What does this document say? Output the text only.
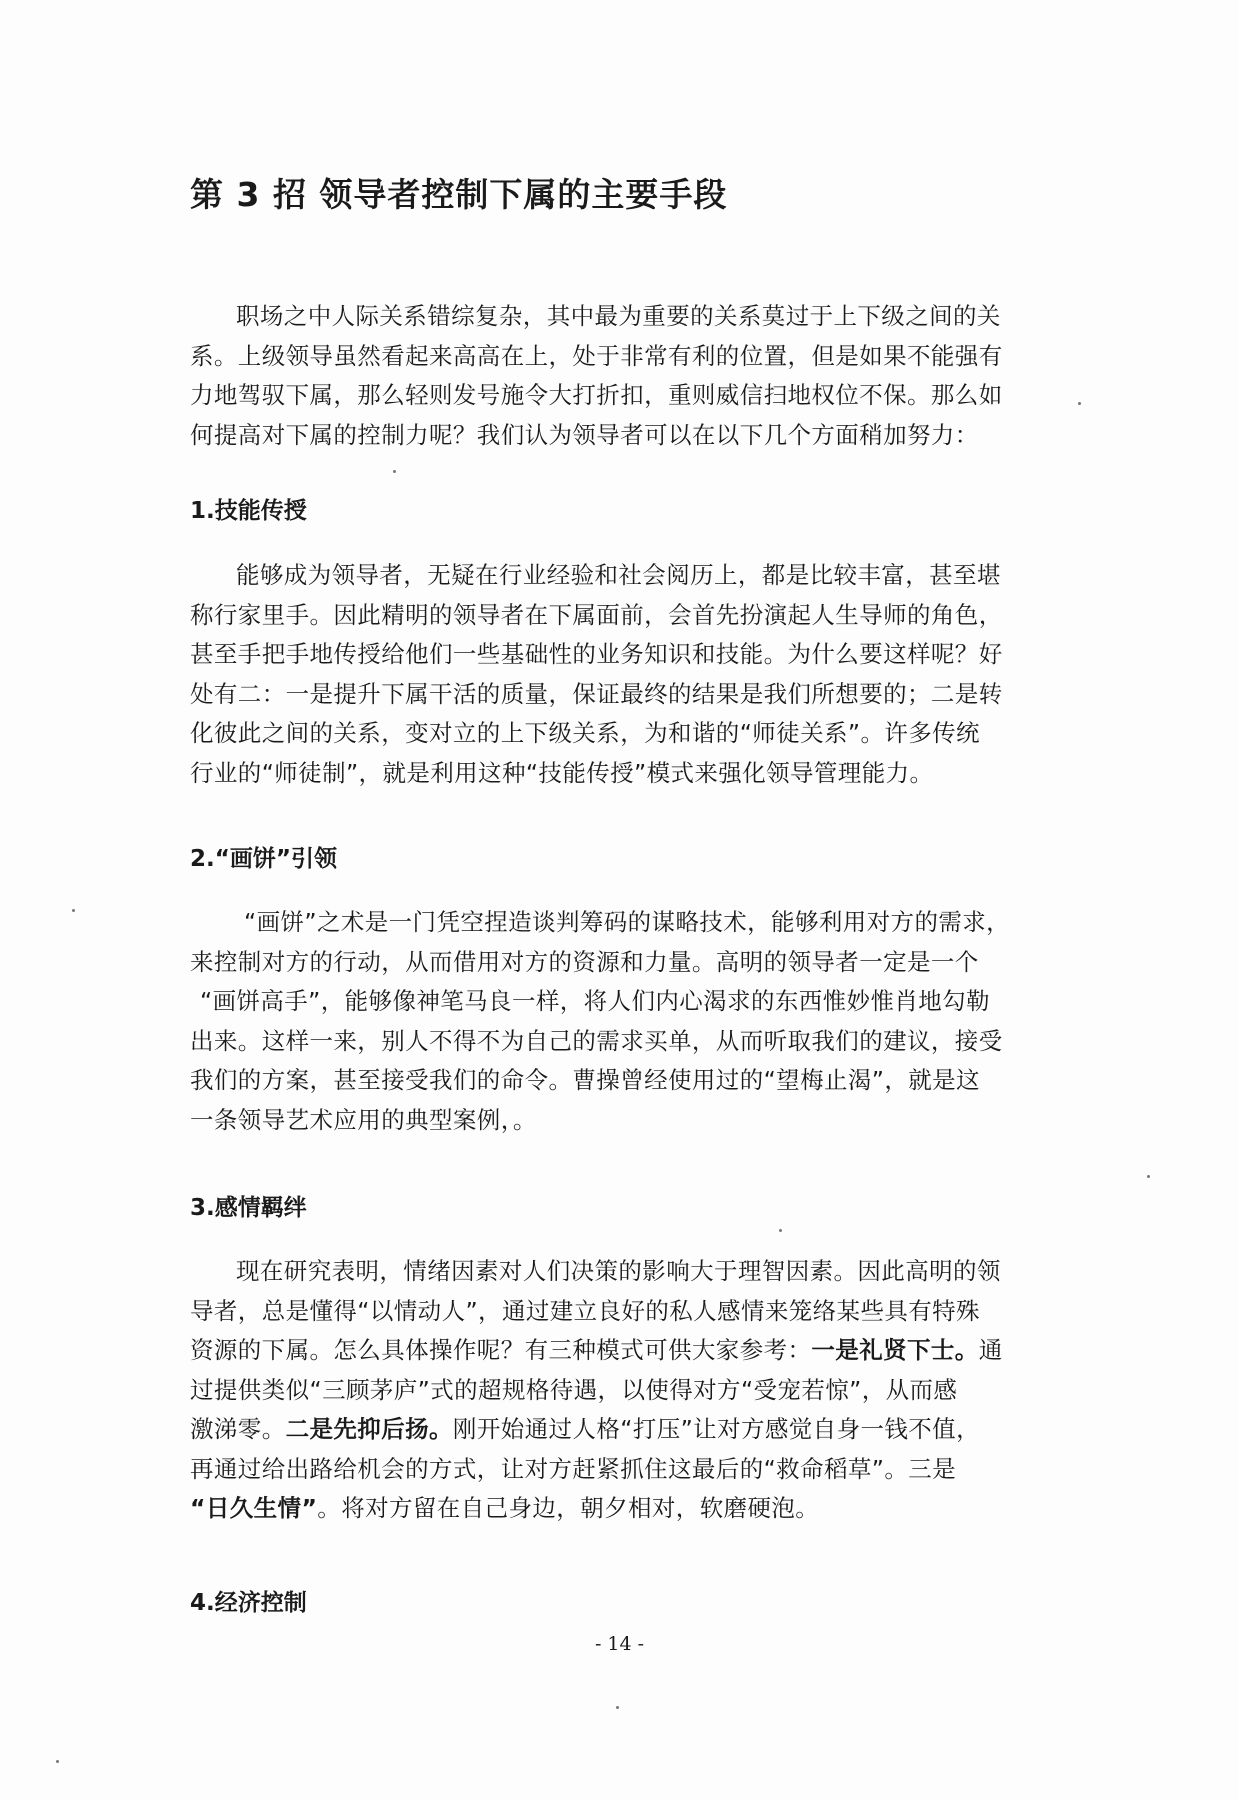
第 3 招 领导者控制下属的主要手段

职场之中人际关系错综复杂，其中最为重要的关系莫过于上下级之间的关
系。上级领导虽然看起来高高在上，处于非常有利的位置，但是如果不能强有
力地驾驭下属，那么轻则发号施令大打折扣，重则威信扫地权位不保。那么如
何提高对下属的控制力呢？我们认为领导者可以在以下几个方面稍加努力：

1.技能传授

能够成为领导者，无疑在行业经验和社会阅历上，都是比较丰富，甚至堪
称行家里手。因此精明的领导者在下属面前，会首先扮演起人生导师的角色，
甚至手把手地传授给他们一些基础性的业务知识和技能。为什么要这样呢？好
处有二：一是提升下属干活的质量，保证最终的结果是我们所想要的；二是转
化彼此之间的关系，变对立的上下级关系，为和谐的“师徒关系”。许多传统
行业的“师徒制”，就是利用这种“技能传授”模式来强化领导管理能力。

2.“画饼”引领

“画饼”之术是一门凭空捏造谈判筹码的谋略技术，能够利用对方的需求，
来控制对方的行动，从而借用对方的资源和力量。高明的领导者一定是一个
“画饼高手”，能够像神笔马良一样，将人们内心渴求的东西惟妙惟肖地勾勒
出来。这样一来，别人不得不为自己的需求买单，从而听取我们的建议，接受
我们的方案，甚至接受我们的命令。曹操曾经使用过的“望梅止渴”，就是这
一条领导艺术应用的典型案例，。

3.感情羁绊

现在研究表明，情绪因素对人们决策的影响大于理智因素。因此高明的领
导者，总是懂得“以情动人”，通过建立良好的私人感情来笼络某些具有特殊
资源的下属。怎么具体操作呢？有三种模式可供大家参考：一是礼贤下士。通
过提供类似“三顾茅庐”式的超规格待遇，以使得对方“受宠若惊”，从而感
激涕零。二是先抑后扬。刚开始通过人格“打压”让对方感觉自身一钱不值，
再通过给出路给机会的方式，让对方赶紧抓住这最后的“救命稻草”。三是
“日久生情”。将对方留在自己身边，朝夕相对，软磨硬泡。

4.经济控制
- 14 -
